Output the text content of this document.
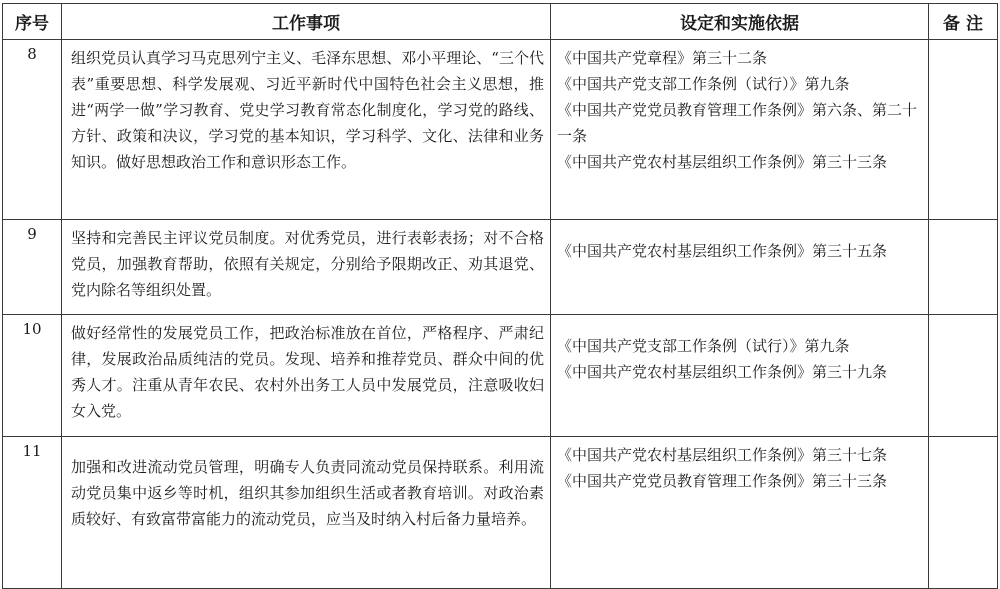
序号	工作事项	设定和实施依据	备 注
8	组织党员认真学习马克思列宁主义、毛泽东思想、邓小平理论、“三个代表”重要思想、科学发展观、习近平新时代中国特色社会主义思想，推进“两学一做”学习教育、党史学习教育常态化制度化，学习党的路线、方针、政策和决议，学习党的基本知识，学习科学、文化、法律和业务知识。做好思想政治工作和意识形态工作。	《中国共产党章程》第三十二条
《中国共产党支部工作条例（试行）》第九条
《中国共产党党员教育管理工作条例》第六条、第二十一条
《中国共产党农村基层组织工作条例》第三十三条	

9	坚持和完善民主评议党员制度。对优秀党员，进行表彰表扬；对不合格党员，加强教育帮助，依照有关规定，分别给予限期改正、劝其退党、党内除名等组织处置。	《中国共产党农村基层组织工作条例》第三十五条	

10	做好经常性的发展党员工作，把政治标准放在首位，严格程序、严肃纪律，发展政治品质纯洁的党员。发现、培养和推荐党员、群众中间的优秀人才。注重从青年农民、农村外出务工人员中发展党员，注意吸收妇女入党。	《中国共产党支部工作条例（试行）》第九条
《中国共产党农村基层组织工作条例》第三十九条	

11	加强和改进流动党员管理，明确专人负责同流动党员保持联系。利用流动党员集中返乡等时机，组织其参加组织生活或者教育培训。对政治素质较好、有致富带富能力的流动党员，应当及时纳入村后备力量培养。	《中国共产党农村基层组织工作条例》第三十七条
《中国共产党党员教育管理工作条例》第三十三条	
